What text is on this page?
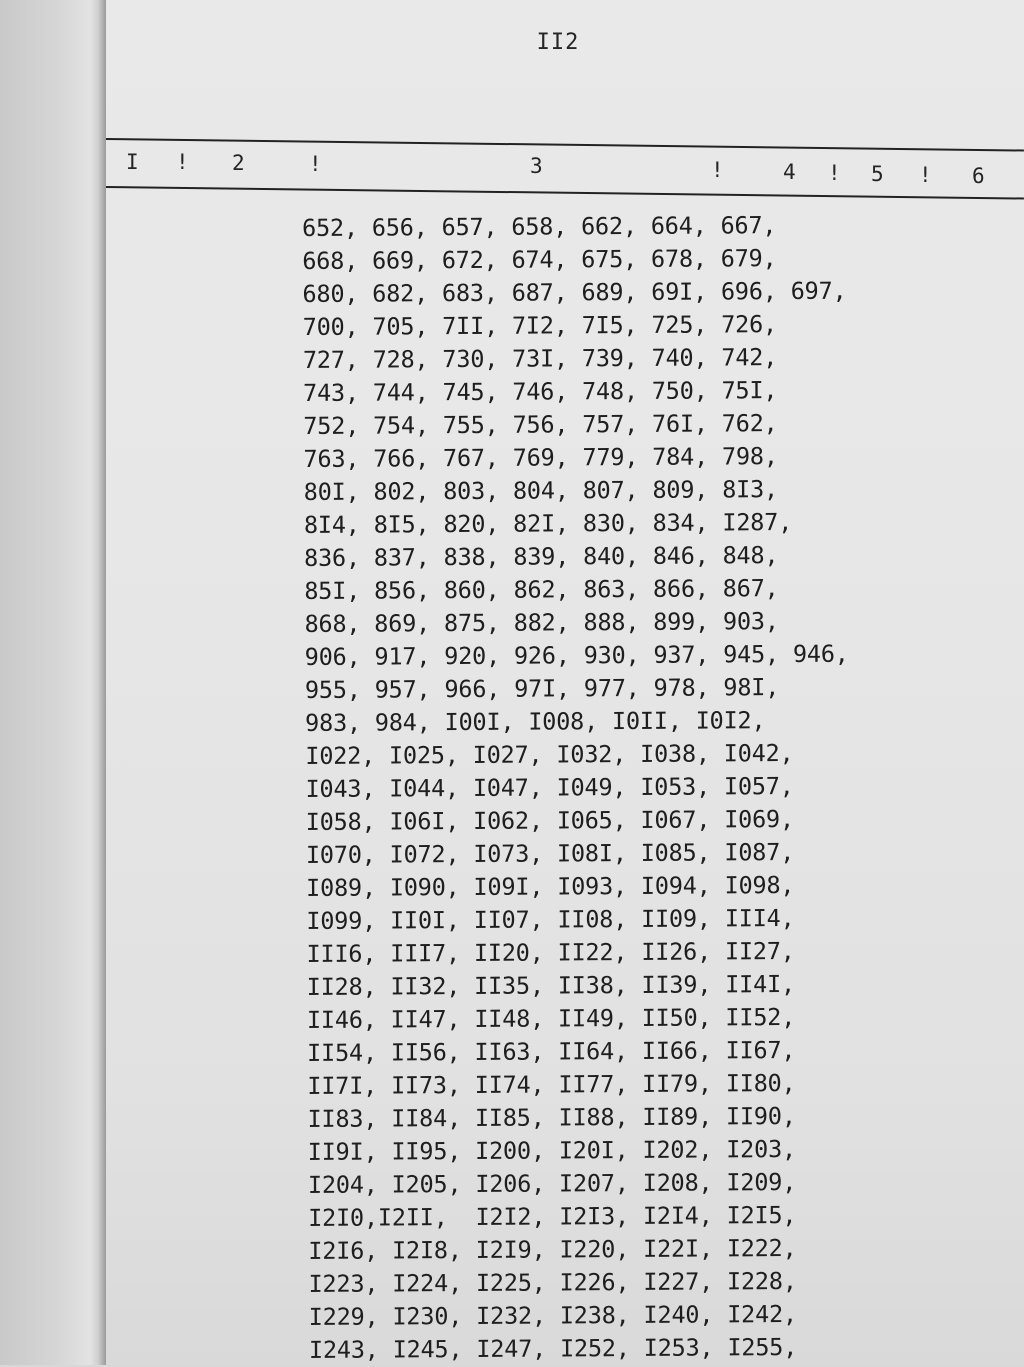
II2
I ! 2	!	3	!	4 ! 5 ! 6
652, 656, 657, 658, 662, 664, 667,
668, 669, 672, 674, 675, 678, 679,
680, 682, 683, 687, 689, 69I, 696, 697,
700, 705, 7II, 7I2, 7I5, 725, 726,
727, 728, 730, 73I, 739, 740, 742,
743, 744, 745, 746, 748, 750, 75I,
752, 754, 755, 756, 757, 76I, 762,
763, 766, 767, 769, 779, 784, 798,
80I, 802, 803, 804, 807, 809, 8I3,
8I4, 8I5, 820, 82I, 830, 834, I287,
836, 837, 838, 839, 840, 846, 848,
85I, 856, 860, 862, 863, 866, 867,
868, 869, 875, 882, 888, 899, 903,
906, 917, 920, 926, 930, 937, 945, 946,
955, 957, 966, 97I, 977, 978, 98I,
983, 984, I00I, I008, I0II, I0I2,
I022, I025, I027, I032, I038, I042,
I043, I044, I047, I049, I053, I057,
I058, I06I, I062, I065, I067, I069,
I070, I072, I073, I08I, I085, I087,
I089, I090, I09I, I093, I094, I098,
I099, II0I, II07, II08, II09, III4,
III6, III7, II20, II22, II26, II27,
II28, II32, II35, II38, II39, II4I,
II46, II47, II48, II49, II50, II52,
II54, II56, II63, II64, II66, II67,
II7I, II73, II74, II77, II79, II80,
II83, II84, II85, II88, II89, II90,
II9I, II95, I200, I20I, I202, I203,
I204, I205, I206, I207, I208, I209,
I2I0,I2II,  I2I2, I2I3, I2I4, I2I5,
I2I6, I2I8, I2I9, I220, I22I, I222,
I223, I224, I225, I226, I227, I228,
I229, I230, I232, I238, I240, I242,
I243, I245, I247, I252, I253, I255,
